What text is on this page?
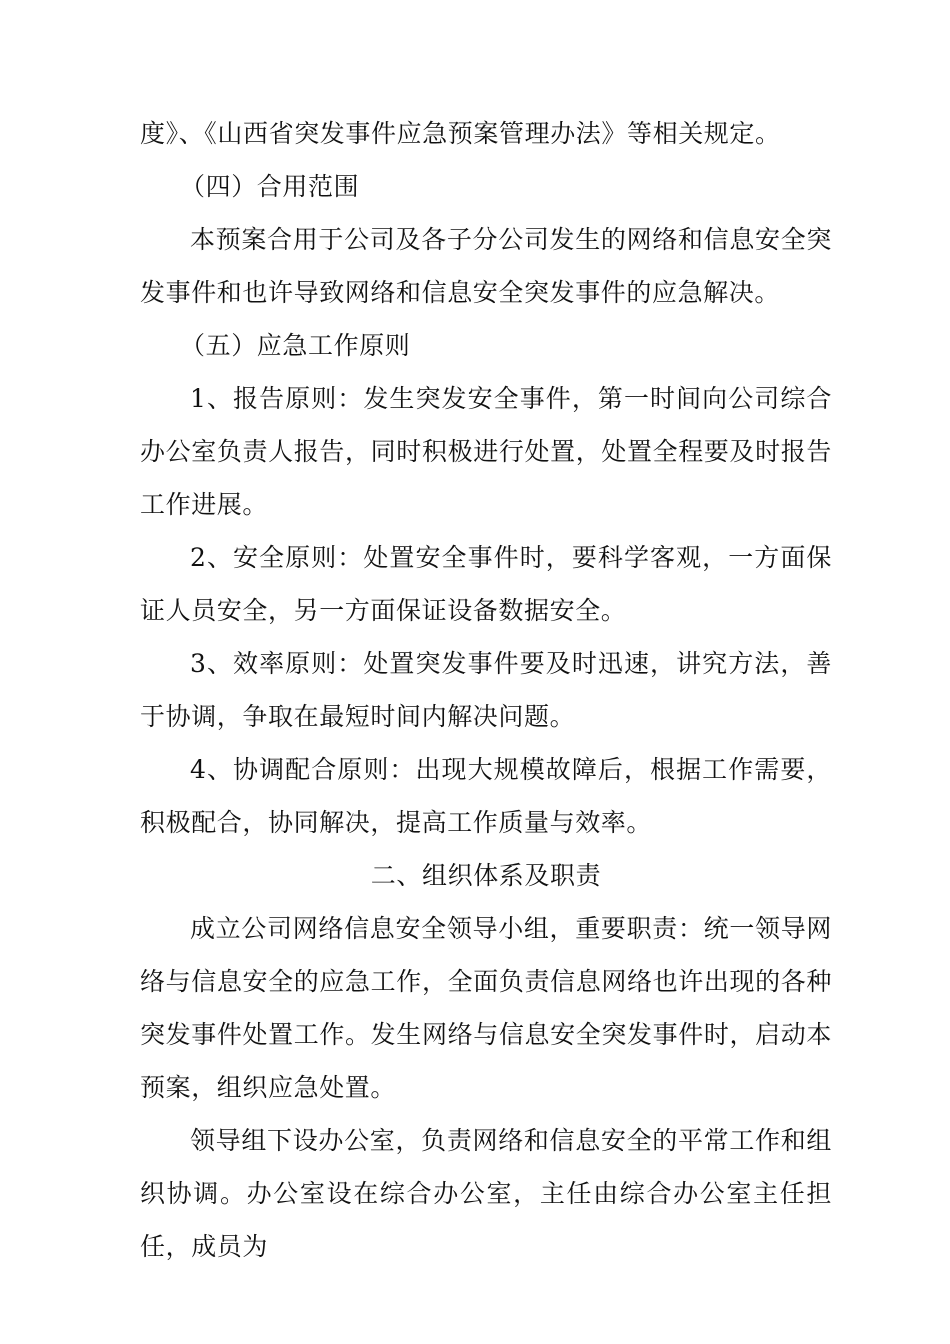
度》、《山西省突发事件应急预案管理办法》等相关规定。

（四）合用范围

本预案合用于公司及各子分公司发生的网络和信息安全突发事件和也许导致网络和信息安全突发事件的应急解决。

（五）应急工作原则

1、报告原则：发生突发安全事件，第一时间向公司综合办公室负责人报告，同时积极进行处置，处置全程要及时报告工作进展。

2、安全原则：处置安全事件时，要科学客观，一方面保证人员安全，另一方面保证设备数据安全。

3、效率原则：处置突发事件要及时迅速，讲究方法，善于协调，争取在最短时间内解决问题。

4、协调配合原则：出现大规模故障后，根据工作需要，积极配合，协同解决，提高工作质量与效率。

二、组织体系及职责

成立公司网络信息安全领导小组，重要职责：统一领导网络与信息安全的应急工作，全面负责信息网络也许出现的各种突发事件处置工作。发生网络与信息安全突发事件时，启动本预案，组织应急处置。

领导组下设办公室，负责网络和信息安全的平常工作和组织协调。办公室设在综合办公室，主任由综合办公室主任担任，成员为
